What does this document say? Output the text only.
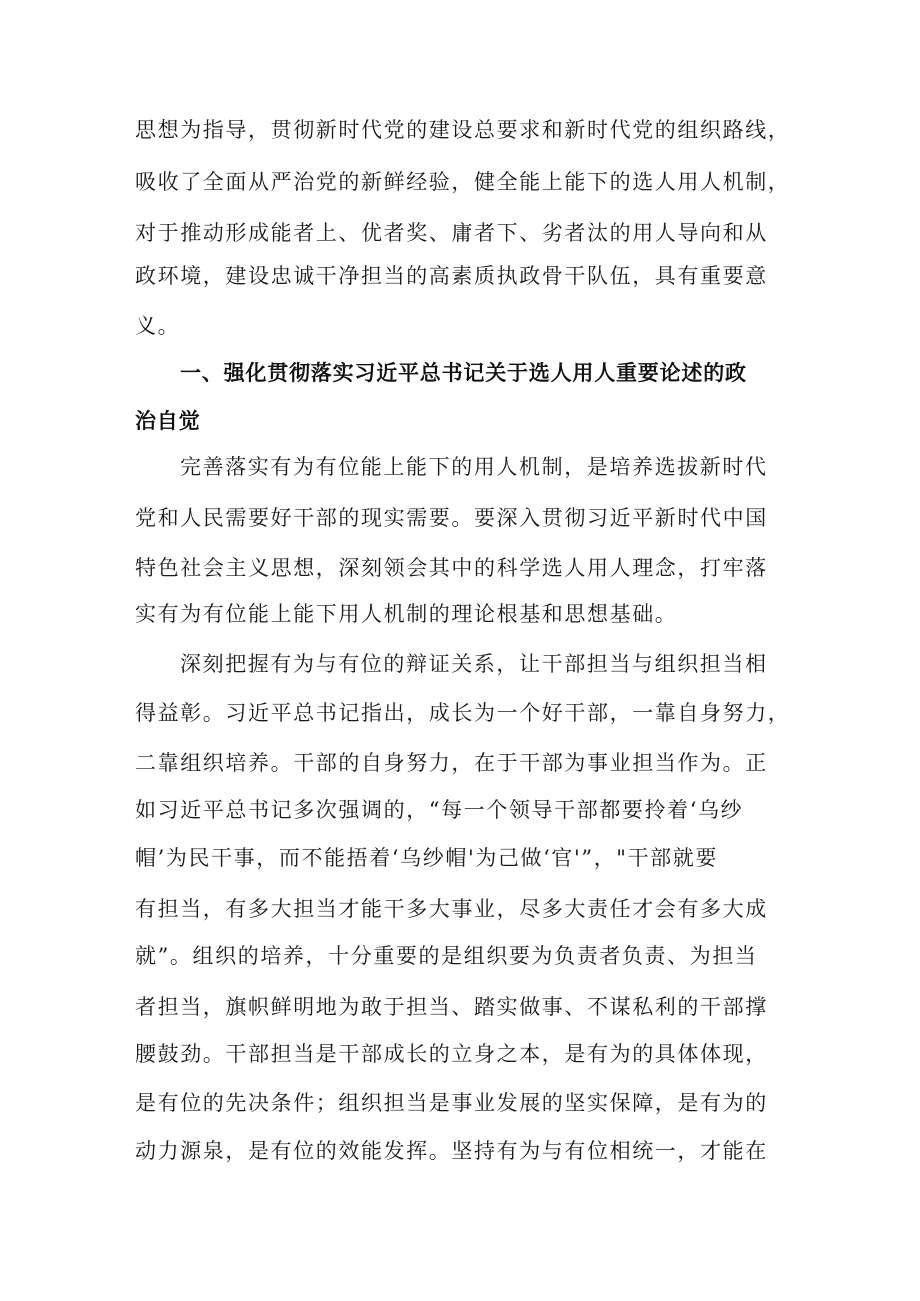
思想为指导，贯彻新时代党的建设总要求和新时代党的组织路线，
吸收了全面从严治党的新鲜经验，健全能上能下的选人用人机制，
对于推动形成能者上、优者奖、庸者下、劣者汰的用人导向和从
政环境，建设忠诚干净担当的高素质执政骨干队伍，具有重要意
义。
一、强化贯彻落实习近平总书记关于选人用人重要论述的政
治自觉
完善落实有为有位能上能下的用人机制，是培养选拔新时代
党和人民需要好干部的现实需要。要深入贯彻习近平新时代中国
特色社会主义思想，深刻领会其中的科学选人用人理念，打牢落
实有为有位能上能下用人机制的理论根基和思想基础。
深刻把握有为与有位的辩证关系，让干部担当与组织担当相
得益彰。习近平总书记指出，成长为一个好干部，一靠自身努力，
二靠组织培养。干部的自身努力，在于干部为事业担当作为。正
如习近平总书记多次强调的，“每一个领导干部都要拎着‘乌纱
帽’为民干事，而不能捂着‘乌纱帽'为己做‘官'”，"干部就要
有担当，有多大担当才能干多大事业，尽多大责任才会有多大成
就”。组织的培养，十分重要的是组织要为负责者负责、为担当
者担当，旗帜鲜明地为敢于担当、踏实做事、不谋私利的干部撑
腰鼓劲。干部担当是干部成长的立身之本，是有为的具体体现，
是有位的先决条件；组织担当是事业发展的坚实保障，是有为的
动力源泉，是有位的效能发挥。坚持有为与有位相统一，才能在
